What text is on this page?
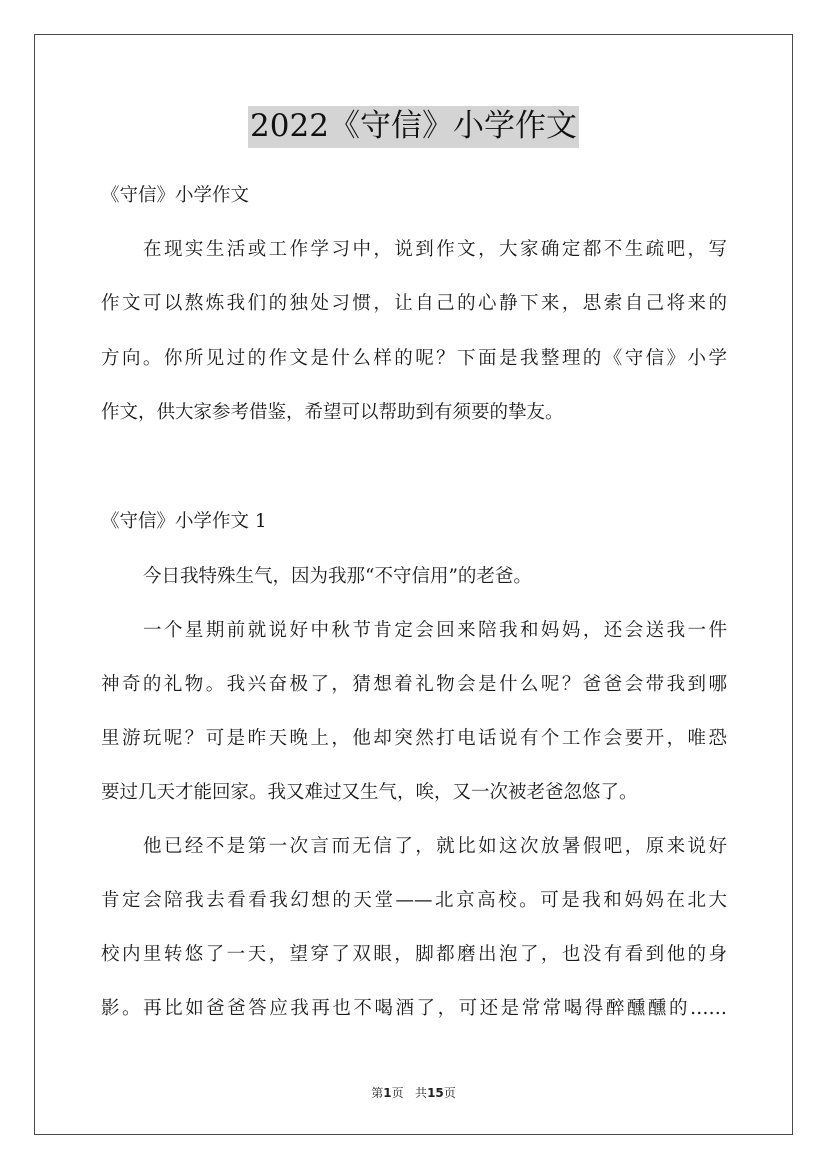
2022《守信》小学作文
《守信》小学作文
在现实生活或工作学习中，说到作文，大家确定都不生疏吧，写
作文可以熬炼我们的独处习惯，让自己的心静下来，思索自己将来的
方向。你所见过的作文是什么样的呢？下面是我整理的《守信》小学
作文，供大家参考借鉴，希望可以帮助到有须要的挚友。
《守信》小学作文 1
今日我特殊生气，因为我那“不守信用”的老爸。
一个星期前就说好中秋节肯定会回来陪我和妈妈，还会送我一件
神奇的礼物。我兴奋极了，猜想着礼物会是什么呢？爸爸会带我到哪
里游玩呢？可是昨天晚上，他却突然打电话说有个工作会要开，唯恐
要过几天才能回家。我又难过又生气，唉，又一次被老爸忽悠了。
他已经不是第一次言而无信了，就比如这次放暑假吧，原来说好
肯定会陪我去看看我幻想的天堂——北京高校。可是我和妈妈在北大
校内里转悠了一天，望穿了双眼，脚都磨出泡了，也没有看到他的身
影。再比如爸爸答应我再也不喝酒了，可还是常常喝得醉醺醺的……
第1页 共15页
